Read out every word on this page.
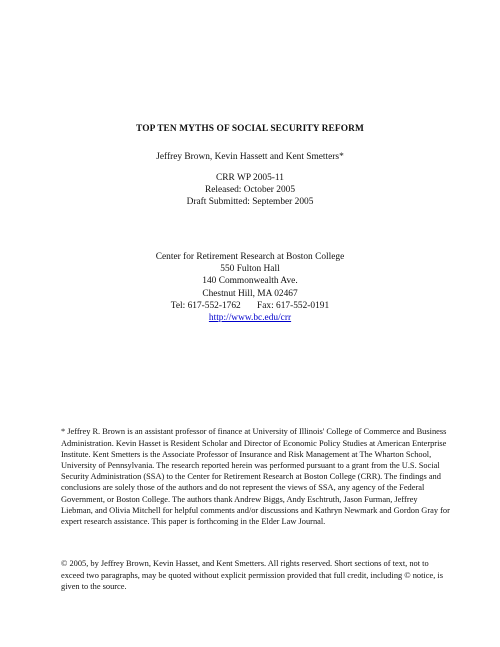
TOP TEN MYTHS OF SOCIAL SECURITY REFORM
Jeffrey Brown, Kevin Hassett and Kent Smetters*
CRR WP 2005-11
Released: October 2005
Draft Submitted: September 2005
Center for Retirement Research at Boston College
550 Fulton Hall
140 Commonwealth Ave.
Chestnut Hill, MA 02467
Tel: 617-552-1762 Fax: 617-552-0191
http://www.bc.edu/crr

* Jeffrey R. Brown is an assistant professor of finance at University of Illinois' College of Commerce and Business Administration. Kevin Hasset is Resident Scholar and Director of Economic Policy Studies at American Enterprise Institute. Kent Smetters is the Associate Professor of Insurance and Risk Management at The Wharton School, University of Pennsylvania. The research reported herein was performed pursuant to a grant from the U.S. Social Security Administration (SSA) to the Center for Retirement Research at Boston College (CRR). The findings and conclusions are solely those of the authors and do not represent the views of SSA, any agency of the Federal Government, or Boston College. The authors thank Andrew Biggs, Andy Eschtruth, Jason Furman, Jeffrey Liebman, and Olivia Mitchell for helpful comments and/or discussions and Kathryn Newmark and Gordon Gray for expert research assistance. This paper is forthcoming in the Elder Law Journal.

© 2005, by Jeffrey Brown, Kevin Hasset, and Kent Smetters. All rights reserved. Short sections of text, not to exceed two paragraphs, may be quoted without explicit permission provided that full credit, including © notice, is given to the source.
